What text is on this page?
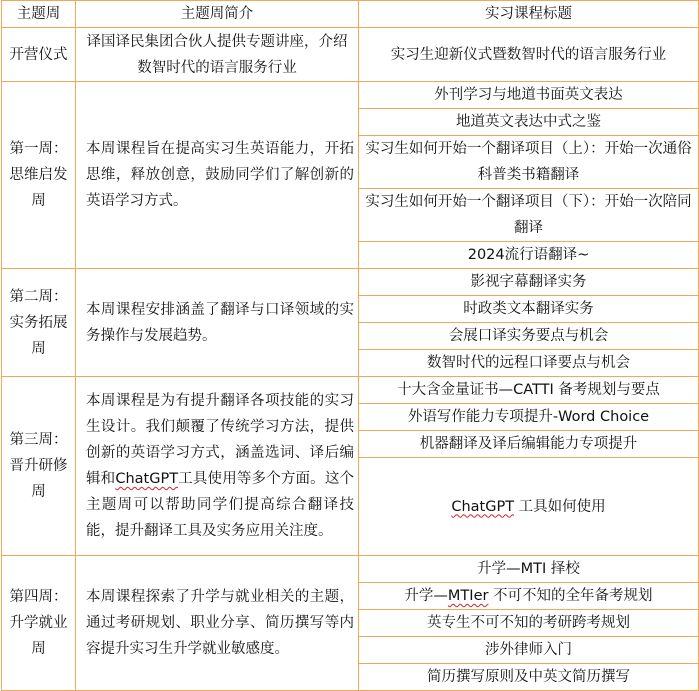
主题周	主题周简介	实习课程标题
开营仪式	译国译民集团合伙人提供专题讲座，介绍数智时代的语言服务行业	实习生迎新仪式暨数智时代的语言服务行业
第一周：思维启发周	本周课程旨在提高实习生英语能力，开拓思维，释放创意，鼓励同学们了解创新的英语学习方式。	外刊学习与地道书面英文表达
		地道英文表达中式之鉴
		实习生如何开始一个翻译项目（上）：开始一次通俗科普类书籍翻译
		实习生如何开始一个翻译项目（下）：开始一次陪同翻译
		2024流行语翻译~
第二周：实务拓展周	本周课程安排涵盖了翻译与口译领域的实务操作与发展趋势。	影视字幕翻译实务
		时政类文本翻译实务
		会展口译实务要点与机会
		数智时代的远程口译要点与机会
第三周：晋升研修周	本周课程是为有提升翻译各项技能的实习生设计。我们颠覆了传统学习方法，提供创新的英语学习方式，涵盖选词、译后编辑和ChatGPT工具使用等多个方面。这个主题周可以帮助同学们提高综合翻译技能，提升翻译工具及实务应用关注度。	十大含金量证书—CATTI 备考规划与要点
		外语写作能力专项提升-Word Choice
		机器翻译及译后编辑能力专项提升
		ChatGPT 工具如何使用
第四周：升学就业周	本周课程探索了升学与就业相关的主题，通过考研规划、职业分享、简历撰写等内容提升实习生升学就业敏感度。	升学—MTI 择校
		升学—MTIer 不可不知的全年备考规划
		英专生不可不知的考研跨考规划
		涉外律师入门
		简历撰写原则及中英文简历撰写
